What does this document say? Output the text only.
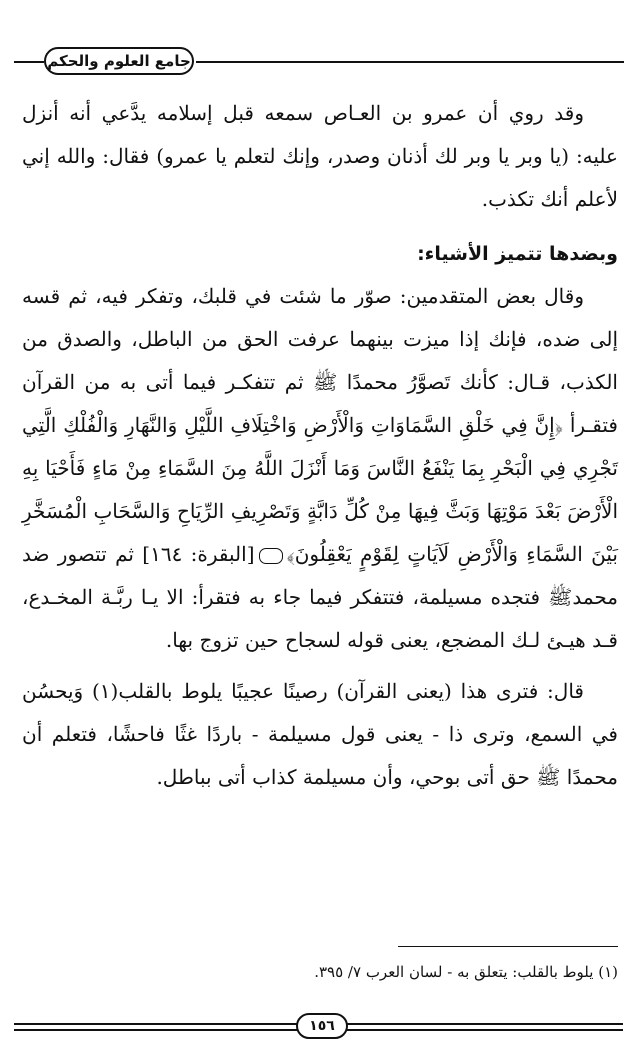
جامع العلوم والحكم

وقد روي أن عمرو بن العـاص سمعه قبل إسلامه يدَّعي أنه أنزل عليه: (يا وبر يا وبر لك أذنان وصدر، وإنك لتعلم يا عمرو) فقال: والله إني لأعلم أنك تكذب.

وبضدها تتميز الأشياء:

وقال بعض المتقدمين: صوّر ما شئت في قلبك، وتفكر فيه، ثم قسه إلى ضده، فإنك إذا ميزت بينهما عرفت الحق من الباطل، والصدق من الكذب، قـال: كأنك تَصوَّرُ محمدًا ﷺ ثم تتفكـر فيما أتى به من القرآن فتقـرأ ﴿إِنَّ فِي خَلْقِ السَّمَاوَاتِ وَالْأَرْضِ وَاخْتِلَافِ اللَّيْلِ وَالنَّهَارِ وَالْفُلْكِ الَّتِي تَجْرِي فِي الْبَحْرِ بِمَا يَنْفَعُ النَّاسَ وَمَا أَنْزَلَ اللَّهُ مِنَ السَّمَاءِ مِنْ مَاءٍ فَأَحْيَا بِهِ الْأَرْضَ بَعْدَ مَوْتِهَا وَبَثَّ فِيهَا مِنْ كُلِّ دَابَّةٍ وَتَصْرِيفِ الرِّيَاحِ وَالسَّحَابِ الْمُسَخَّرِ بَيْنَ السَّمَاءِ وَالْأَرْضِ لَآيَاتٍ لِقَوْمٍ يَعْقِلُونَ﴾[البقرة: ١٦٤] ثم تتصور ضد محمدﷺ فتجده مسيلمة، فتتفكر فيما جاء به فتقرأ: الا يـا ربَّـة المخـدع، قـد هيـئ لـك المضجع، يعنى قوله لسجاح حين تزوج بها.

قال: فترى هذا (يعنى القرآن) رصينًا عجيبًا يلوط بالقلب(١) وَيحسُن في السمع، وترى ذا - يعنى قول مسيلمة - باردًا غثًا فاحشًا، فتعلم أن محمدًا ﷺ حق أتى بوحي، وأن مسيلمة كذاب أتى بباطل.

(١) يلوط بالقلب: يتعلق به - لسان العرب ٧/ ٣٩٥.
١٥٦
